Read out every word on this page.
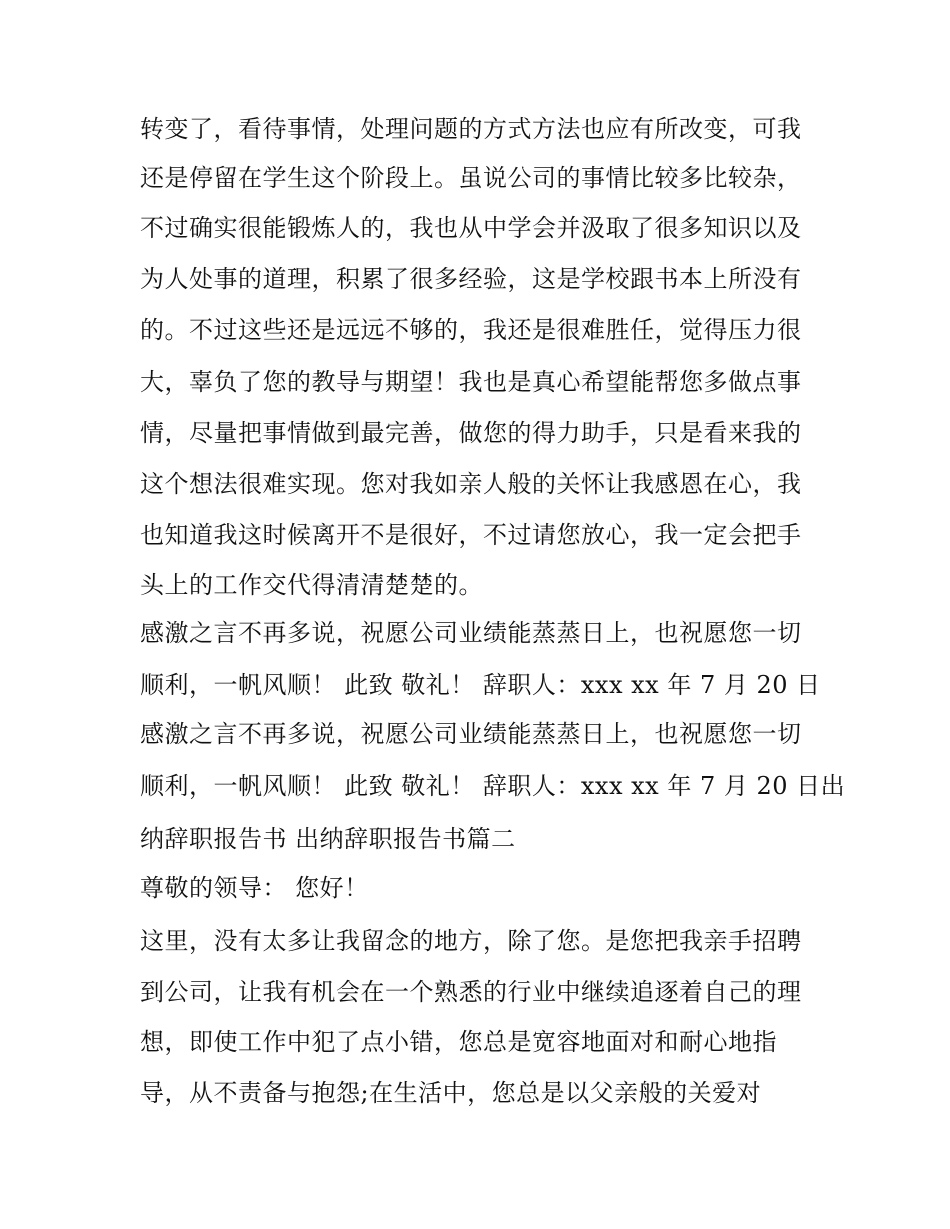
转变了，看待事情，处理问题的方式方法也应有所改变，可我

还是停留在学生这个阶段上。虽说公司的事情比较多比较杂，

不过确实很能锻炼人的，我也从中学会并汲取了很多知识以及

为人处事的道理，积累了很多经验，这是学校跟书本上所没有

的。不过这些还是远远不够的，我还是很难胜任，觉得压力很

大，辜负了您的教导与期望！我也是真心希望能帮您多做点事

情，尽量把事情做到最完善，做您的得力助手，只是看来我的

这个想法很难实现。您对我如亲人般的关怀让我感恩在心，我

也知道我这时候离开不是很好，不过请您放心，我一定会把手

头上的工作交代得清清楚楚的。

感激之言不再多说，祝愿公司业绩能蒸蒸日上，也祝愿您一切

顺利，一帆风顺！ 此致 敬礼！ 辞职人：xxx xx 年 7 月 20 日

感激之言不再多说，祝愿公司业绩能蒸蒸日上，也祝愿您一切

顺利，一帆风顺！ 此致 敬礼！ 辞职人：xxx xx 年 7 月 20 日出

纳辞职报告书 出纳辞职报告书篇二

尊敬的领导： 您好！

这里，没有太多让我留念的地方，除了您。是您把我亲手招聘

到公司，让我有机会在一个熟悉的行业中继续追逐着自己的理

想，即使工作中犯了点小错，您总是宽容地面对和耐心地指

导，从不责备与抱怨;在生活中，您总是以父亲般的关爱对
